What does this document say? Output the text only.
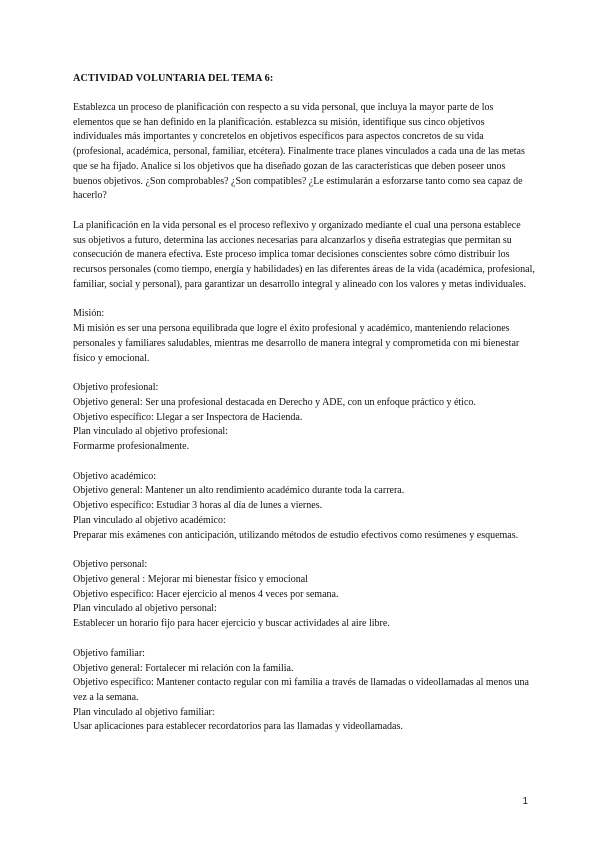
ACTIVIDAD VOLUNTARIA DEL TEMA 6:

Establezca un proceso de planificación con respecto a su vida personal, que incluya la mayor parte de los elementos que se han definido en la planificación. establezca su misión, identifique sus cinco objetivos individuales más importantes y concretelos en objetivos específicos para aspectos concretos de su vida (profesional, académica, personal, familiar, etcétera). Finalmente trace planes vinculados a cada una de las metas que se ha fijado. Analice si los objetivos que ha diseñado gozan de las características que deben poseer unos buenos objetivos. ¿Son comprobables? ¿Son compatibles? ¿Le estimularán a esforzarse tanto como sea capaz de hacerlo?

La planificación en la vida personal es el proceso reflexivo y organizado mediante el cual una persona establece sus objetivos a futuro, determina las acciones necesarias para alcanzarlos y diseña estrategias que permitan su consecución de manera efectiva. Este proceso implica tomar decisiones conscientes sobre cómo distribuir los recursos personales (como tiempo, energía y habilidades) en las diferentes áreas de la vida (académica, profesional, familiar, social y personal), para garantizar un desarrollo integral y alineado con los valores y metas individuales.

Misión:

Mi misión es ser una persona equilibrada que logre el éxito profesional y académico, manteniendo relaciones personales y familiares saludables, mientras me desarrollo de manera integral y comprometida con mi bienestar físico y emocional.

Objetivo profesional:

Objetivo general: Ser una profesional destacada en Derecho y ADE, con un enfoque práctico y ético.

Objetivo específico: Llegar a ser Inspectora de Hacienda.

Plan vinculado al objetivo profesional:

Formarme profesionalmente.

Objetivo académico:

Objetivo general: Mantener un alto rendimiento académico durante toda la carrera.

Objetivo específico: Estudiar 3 horas al día de lunes a viernes.

Plan vinculado al objetivo académico:

Preparar mis exámenes con anticipación, utilizando métodos de estudio efectivos como resúmenes y esquemas.

Objetivo personal:

Objetivo general : Mejorar mi bienestar físico y emocional

Objetivo específico: Hacer ejercicio al menos 4 veces por semana.

Plan vinculado al objetivo personal:

Establecer un horario fijo para hacer ejercicio y buscar actividades al aire libre.

Objetivo familiar:

Objetivo general: Fortalecer mi relación con la familia.

Objetivo específico: Mantener contacto regular con mi familia a través de llamadas o videollamadas al menos una vez a la semana.

Plan vinculado al objetivo familiar:

Usar aplicaciones para establecer recordatorios para las llamadas y videollamadas.

1
